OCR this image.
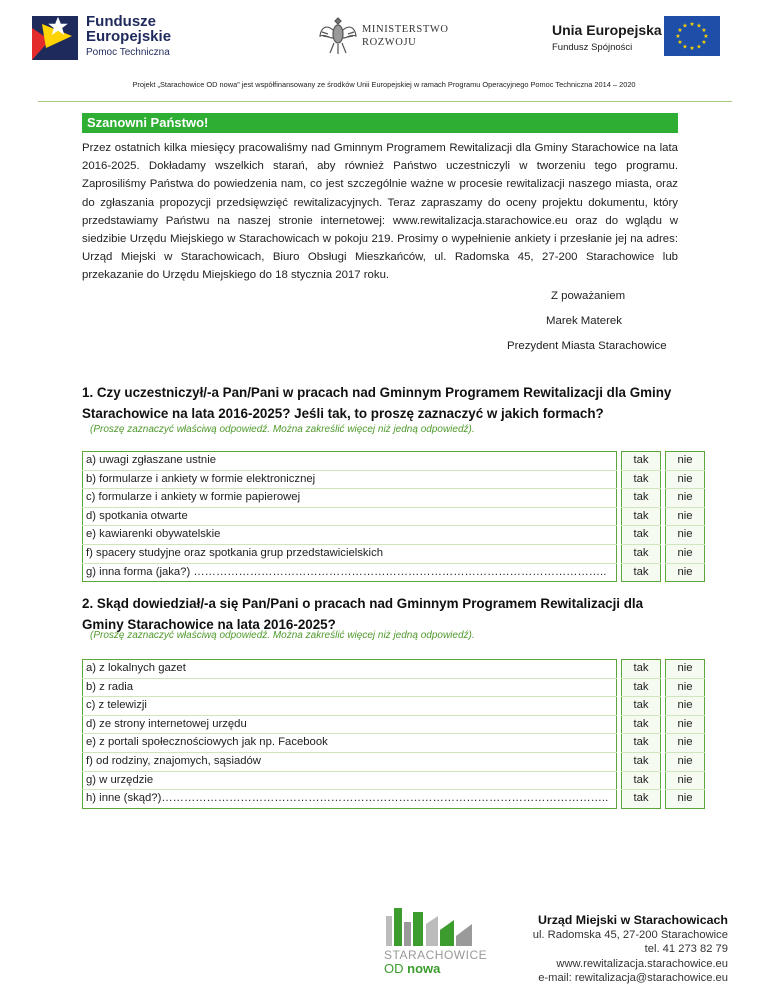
Fundusze
Europejskie
Pomoc Techniczna
MINISTERSTWO
ROZWOJU
Unia Europejska
Fundusz Spójności
★ ★
★
★
★
★
★
★
★
★
★
★
Projekt „Starachowice OD nowa” jest współfinansowany ze środków Unii Europejskiej w ramach Programu Operacyjnego Pomoc Techniczna 2014 – 2020
Szanowni Państwo!

Przez ostatnich kilka miesięcy pracowaliśmy nad Gminnym Programem Rewitalizacji dla Gminy Starachowice na lata 2016-2025. Dokładamy wszelkich starań, aby również Państwo uczestniczyli w tworzeniu tego programu. Zaprosiliśmy Państwa do powiedzenia nam, co jest szczególnie ważne w procesie rewitalizacji naszego miasta, oraz do zgłaszania propozycji przedsięwzięć rewitalizacyjnych. Teraz zapraszamy do oceny projektu dokumentu, który przedstawiamy Państwu na naszej stronie internetowej: www.rewitalizacja.starachowice.eu oraz do wglądu w siedzibie Urzędu Miejskiego w Starachowicach w pokoju 219. Prosimy o wypełnienie ankiety i przesłanie jej na adres: Urząd Miejski w Starachowicach, Biuro Obsługi Mieszkańców, ul. Radomska 45, 27-200 Starachowice lub przekazanie do Urzędu Miejskiego do 18 stycznia 2017 roku.

Z poważaniem
Marek Materek
Prezydent Miasta Starachowice

1. Czy uczestniczył/-a Pan/Pani w pracach nad Gminnym Programem Rewitalizacji dla Gminy Starachowice na lata 2016-2025? Jeśli tak, to proszę zaznaczyć w jakich formach?

(Proszę zaznaczyć właściwą odpowiedź. Można zakreślić więcej niż jedną odpowiedź).

a) uwagi zgłaszane ustnie		tak		nie
b) formularze i ankiety w formie elektronicznej		tak		nie
c) formularze i ankiety w formie papierowej		tak		nie
d) spotkania otwarte		tak		nie
e) kawiarenki obywatelskie		tak		nie
f) spacery studyjne oraz spotkania grup przedstawicielskich		tak		nie
g) inna forma (jaka?) ………………………………………………………………………………………………..		tak		nie

2. Skąd dowiedział/-a się Pan/Pani o pracach nad Gminnym Programem Rewitalizacji dla Gminy Starachowice na lata 2016-2025?

(Proszę zaznaczyć właściwą odpowiedź. Można zakreślić więcej niż jedną odpowiedź).

a) z lokalnych gazet		tak		nie
b) z radia		tak		nie
c) z telewizji		tak		nie
d) ze strony internetowej urzędu		tak		nie
e) z portali społecznościowych jak np. Facebook		tak		nie
f) od rodziny, znajomych, sąsiadów		tak		nie
g) w urzędzie		tak		nie
h) inne (skąd?)………………………………………………………………………………………………………..		tak		nie
STARACHOWICE
OD nowa
Urząd Miejski w Starachowicach
ul. Radomska 45, 27-200 Starachowice
tel. 41 273 82 79
www.rewitalizacja.starachowice.eu
e-mail: rewitalizacja@starachowice.eu
